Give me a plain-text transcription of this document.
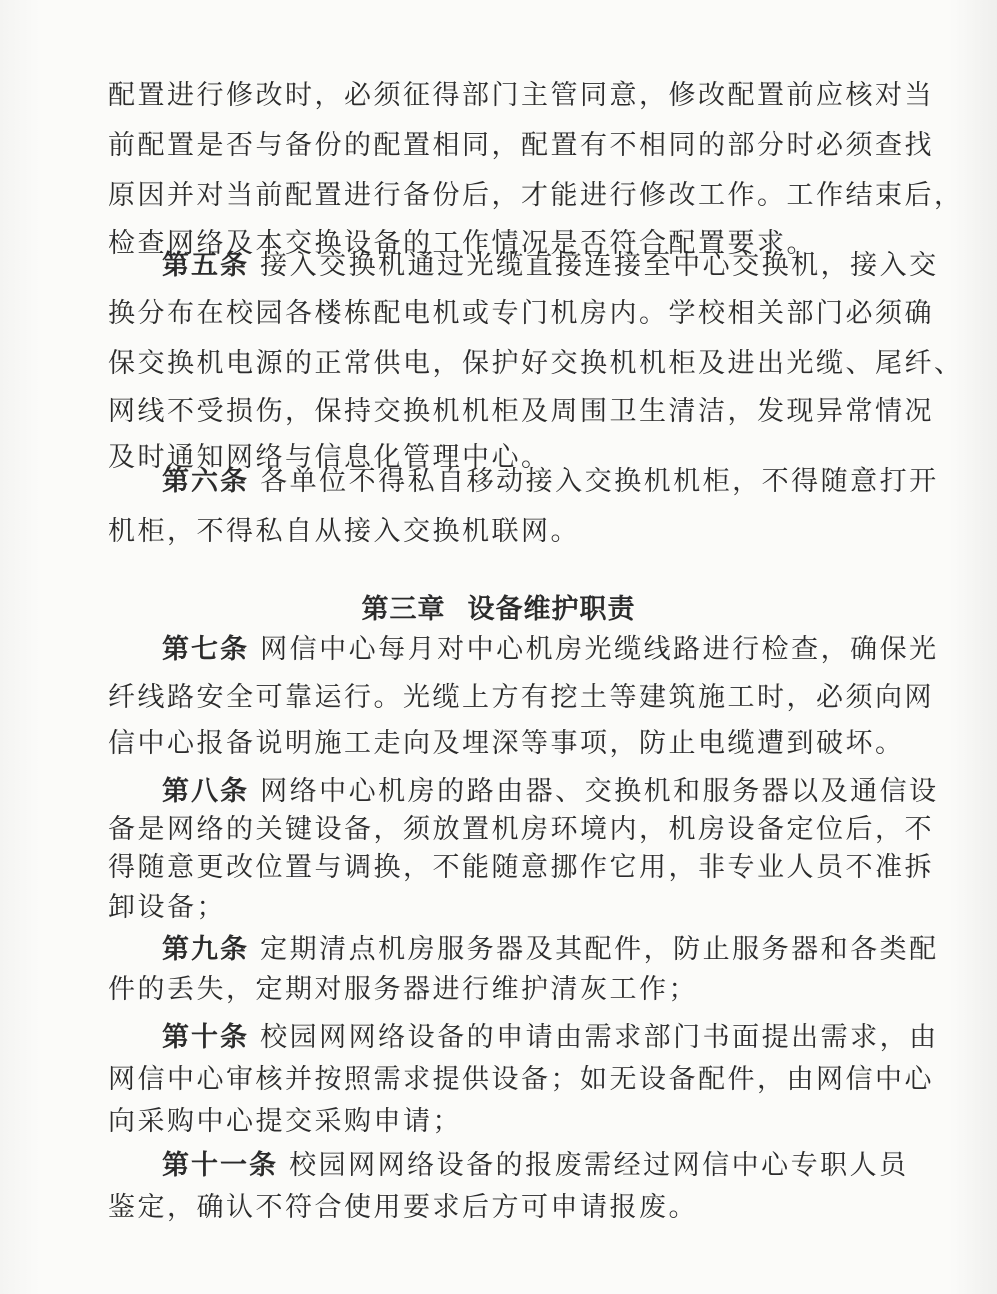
配置进行修改时，必须征得部门主管同意，修改配置前应核对当
前配置是否与备份的配置相同，配置有不相同的部分时必须查找
原因并对当前配置进行备份后，才能进行修改工作。工作结束后，
检查网络及本交换设备的工作情况是否符合配置要求。
第五条 接入交换机通过光缆直接连接至中心交换机，接入交
换分布在校园各楼栋配电机或专门机房内。学校相关部门必须确
保交换机电源的正常供电，保护好交换机机柜及进出光缆、尾纤、
网线不受损伤，保持交换机机柜及周围卫生清洁，发现异常情况
及时通知网络与信息化管理中心。
第三章 设备维护职责
第六条 各单位不得私自移动接入交换机机柜，不得随意打开
机柜，不得私自从接入交换机联网。
第七条 网信中心每月对中心机房光缆线路进行检查，确保光
纤线路安全可靠运行。光缆上方有挖土等建筑施工时，必须向网
信中心报备说明施工走向及埋深等事项，防止电缆遭到破坏。
第八条 网络中心机房的路由器、交换机和服务器以及通信设
备是网络的关键设备，须放置机房环境内，机房设备定位后，不
得随意更改位置与调换，不能随意挪作它用，非专业人员不准拆
卸设备；
第九条 定期清点机房服务器及其配件，防止服务器和各类配
件的丢失，定期对服务器进行维护清灰工作；
第十条 校园网网络设备的申请由需求部门书面提出需求，由
网信中心审核并按照需求提供设备；如无设备配件，由网信中心
向采购中心提交采购申请；
第十一条 校园网网络设备的报废需经过网信中心专职人员
鉴定，确认不符合使用要求后方可申请报废。
